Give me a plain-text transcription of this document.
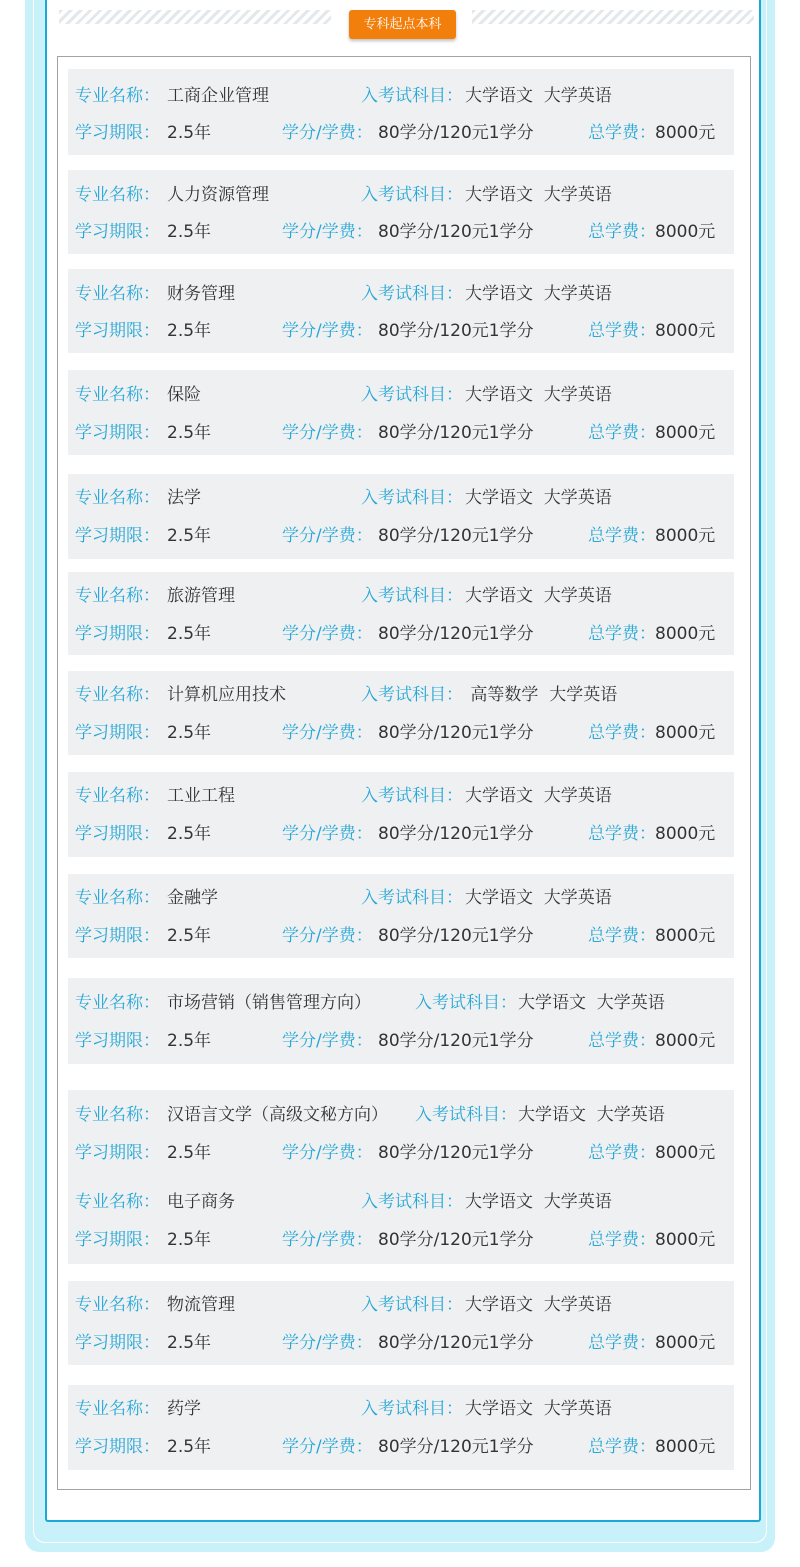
专科起点本科
专业名称： 工商企业管理	入考试科目： 大学语文  大学英语
学习期限： 2.5年	学分/学费： 80学分/120元1学分	总学费： 8000元
专业名称： 人力资源管理	入考试科目： 大学语文  大学英语
学习期限： 2.5年	学分/学费： 80学分/120元1学分	总学费： 8000元
专业名称： 财务管理	入考试科目： 大学语文  大学英语
学习期限： 2.5年	学分/学费： 80学分/120元1学分	总学费： 8000元
专业名称： 保险	入考试科目： 大学语文  大学英语
学习期限： 2.5年	学分/学费： 80学分/120元1学分	总学费： 8000元
专业名称： 法学	入考试科目： 大学语文  大学英语
学习期限： 2.5年	学分/学费： 80学分/120元1学分	总学费： 8000元
专业名称： 旅游管理	入考试科目： 大学语文  大学英语
学习期限： 2.5年	学分/学费： 80学分/120元1学分	总学费： 8000元
专业名称： 计算机应用技术	入考试科目： 高等数学  大学英语
学习期限： 2.5年	学分/学费： 80学分/120元1学分	总学费： 8000元
专业名称： 工业工程	入考试科目： 大学语文  大学英语
学习期限： 2.5年	学分/学费： 80学分/120元1学分	总学费： 8000元
专业名称： 金融学	入考试科目： 大学语文  大学英语
学习期限： 2.5年	学分/学费： 80学分/120元1学分	总学费： 8000元
专业名称： 市场营销（销售管理方向）	入考试科目： 大学语文  大学英语
学习期限： 2.5年	学分/学费： 80学分/120元1学分	总学费： 8000元
专业名称： 汉语言文学（高级文秘方向） 入考试科目： 大学语文  大学英语
学习期限： 2.5年	学分/学费： 80学分/120元1学分	总学费： 8000元
专业名称： 电子商务	入考试科目： 大学语文  大学英语
学习期限： 2.5年	学分/学费： 80学分/120元1学分	总学费： 8000元
专业名称： 物流管理	入考试科目： 大学语文  大学英语
学习期限： 2.5年	学分/学费： 80学分/120元1学分	总学费： 8000元
专业名称： 药学	入考试科目： 大学语文  大学英语
学习期限： 2.5年	学分/学费： 80学分/120元1学分	总学费： 8000元
